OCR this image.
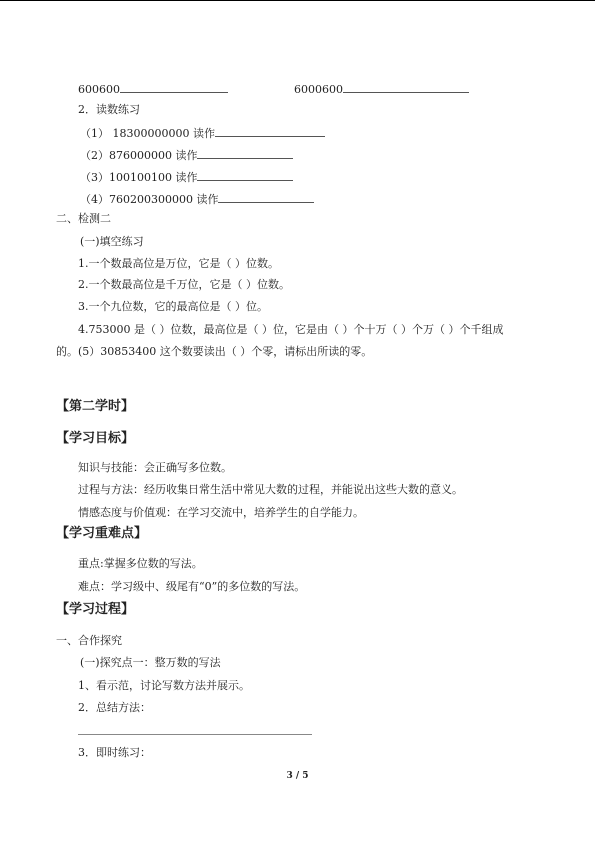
600600	6000600
2．读数练习
（1） 18300000000 读作
（2）876000000 读作
（3）100100100 读作
（4）760200300000 读作
二、检测二
(一)填空练习
1.一个数最高位是万位，它是（ ）位数。
2.一个数最高位是千万位，它是（ ）位数。
3.一个九位数，它的最高位是（ ）位。
4.753000 是（ ）位数，最高位是（ ）位，它是由（ ）个十万（ ）个万（ ）个千组成
的。(5）30853400 这个数要读出（ ）个零，请标出所读的零。
【第二学时】
【学习目标】
知识与技能：会正确写多位数。
过程与方法：经历收集日常生活中常见大数的过程，并能说出这些大数的意义。
情感态度与价值观：在学习交流中，培养学生的自学能力。
【学习重难点】
重点:掌握多位数的写法。
难点：学习级中、级尾有“0”的多位数的写法。
【学习过程】
一、合作探究
(一)探究点一：整万数的写法
1、看示范，讨论写数方法并展示。
2．总结方法：
3．即时练习：
3 / 5
